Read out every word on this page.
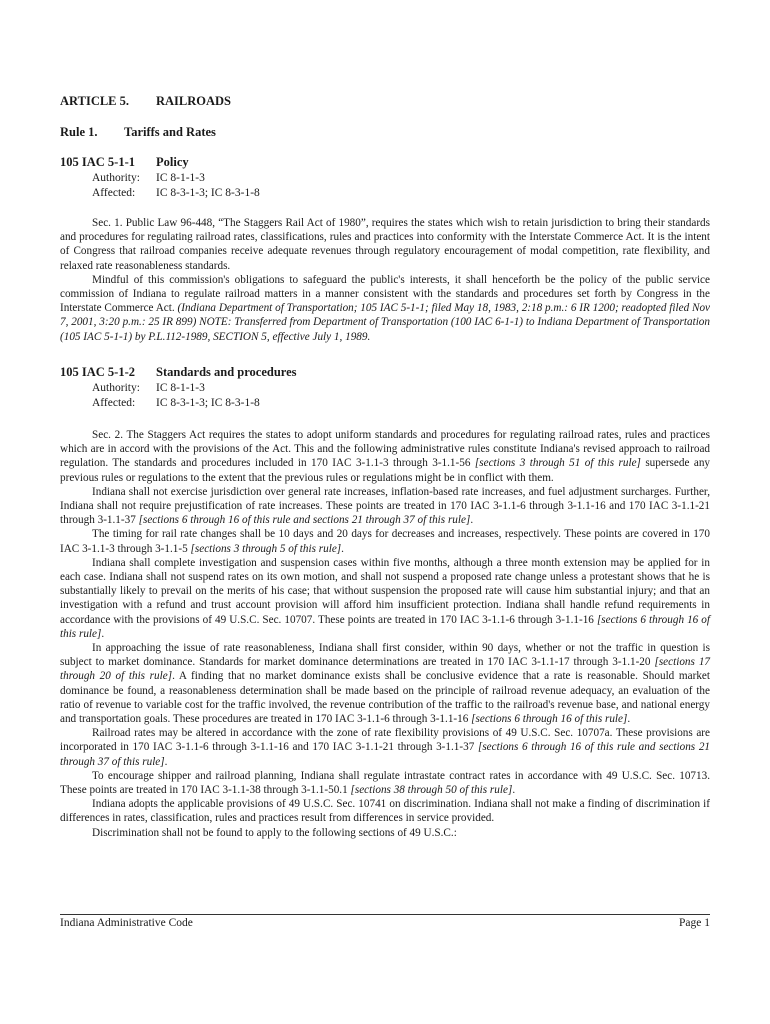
ARTICLE 5. RAILROADS
Rule 1. Tariffs and Rates
105 IAC 5-1-1 Policy
Authority:	IC 8-1-1-3
Affected:	IC 8-3-1-3; IC 8-3-1-8

Sec. 1. Public Law 96-448, “The Staggers Rail Act of 1980”, requires the states which wish to retain jurisdiction to bring their standards and procedures for regulating railroad rates, classifications, rules and practices into conformity with the Interstate Commerce Act. It is the intent of Congress that railroad companies receive adequate revenues through regulatory encouragement of modal competition, rate flexibility, and relaxed rate reasonableness standards.

Mindful of this commission's obligations to safeguard the public's interests, it shall henceforth be the policy of the public service commission of Indiana to regulate railroad matters in a manner consistent with the standards and procedures set forth by Congress in the Interstate Commerce Act. (Indiana Department of Transportation; 105 IAC 5-1-1; filed May 18, 1983, 2:18 p.m.: 6 IR 1200; readopted filed Nov 7, 2001, 3:20 p.m.: 25 IR 899) NOTE: Transferred from Department of Transportation (100 IAC 6-1-1) to Indiana Department of Transportation (105 IAC 5-1-1) by P.L.112-1989, SECTION 5, effective July 1, 1989.

105 IAC 5-1-2 Standards and procedures
Authority:	IC 8-1-1-3
Affected:	IC 8-3-1-3; IC 8-3-1-8

Sec. 2. The Staggers Act requires the states to adopt uniform standards and procedures for regulating railroad rates, rules and practices which are in accord with the provisions of the Act. This and the following administrative rules constitute Indiana's revised approach to railroad regulation. The standards and procedures included in 170 IAC 3-1.1-3 through 3-1.1-56 [sections 3 through 51 of this rule] supersede any previous rules or regulations to the extent that the previous rules or regulations might be in conflict with them.

Indiana shall not exercise jurisdiction over general rate increases, inflation-based rate increases, and fuel adjustment surcharges. Further, Indiana shall not require prejustification of rate increases. These points are treated in 170 IAC 3-1.1-6 through 3-1.1-16 and 170 IAC 3-1.1-21 through 3-1.1-37 [sections 6 through 16 of this rule and sections 21 through 37 of this rule].

The timing for rail rate changes shall be 10 days and 20 days for decreases and increases, respectively. These points are covered in 170 IAC 3-1.1-3 through 3-1.1-5 [sections 3 through 5 of this rule].

Indiana shall complete investigation and suspension cases within five months, although a three month extension may be applied for in each case. Indiana shall not suspend rates on its own motion, and shall not suspend a proposed rate change unless a protestant shows that he is substantially likely to prevail on the merits of his case; that without suspension the proposed rate will cause him substantial injury; and that an investigation with a refund and trust account provision will afford him insufficient protection. Indiana shall handle refund requirements in accordance with the provisions of 49 U.S.C. Sec. 10707. These points are treated in 170 IAC 3-1.1-6 through 3-1.1-16 [sections 6 through 16 of this rule].

In approaching the issue of rate reasonableness, Indiana shall first consider, within 90 days, whether or not the traffic in question is subject to market dominance. Standards for market dominance determinations are treated in 170 IAC 3-1.1-17 through 3-1.1-20 [sections 17 through 20 of this rule]. A finding that no market dominance exists shall be conclusive evidence that a rate is reasonable. Should market dominance be found, a reasonableness determination shall be made based on the principle of railroad revenue adequacy, an evaluation of the ratio of revenue to variable cost for the traffic involved, the revenue contribution of the traffic to the railroad's revenue base, and national energy and transportation goals. These procedures are treated in 170 IAC 3-1.1-6 through 3-1.1-16 [sections 6 through 16 of this rule].

Railroad rates may be altered in accordance with the zone of rate flexibility provisions of 49 U.S.C. Sec. 10707a. These provisions are incorporated in 170 IAC 3-1.1-6 through 3-1.1-16 and 170 IAC 3-1.1-21 through 3-1.1-37 [sections 6 through 16 of this rule and sections 21 through 37 of this rule].

To encourage shipper and railroad planning, Indiana shall regulate intrastate contract rates in accordance with 49 U.S.C. Sec. 10713. These points are treated in 170 IAC 3-1.1-38 through 3-1.1-50.1 [sections 38 through 50 of this rule].

Indiana adopts the applicable provisions of 49 U.S.C. Sec. 10741 on discrimination. Indiana shall not make a finding of discrimination if differences in rates, classification, rules and practices result from differences in service provided.

Discrimination shall not be found to apply to the following sections of 49 U.S.C.:

Indiana Administrative Code	Page 1
